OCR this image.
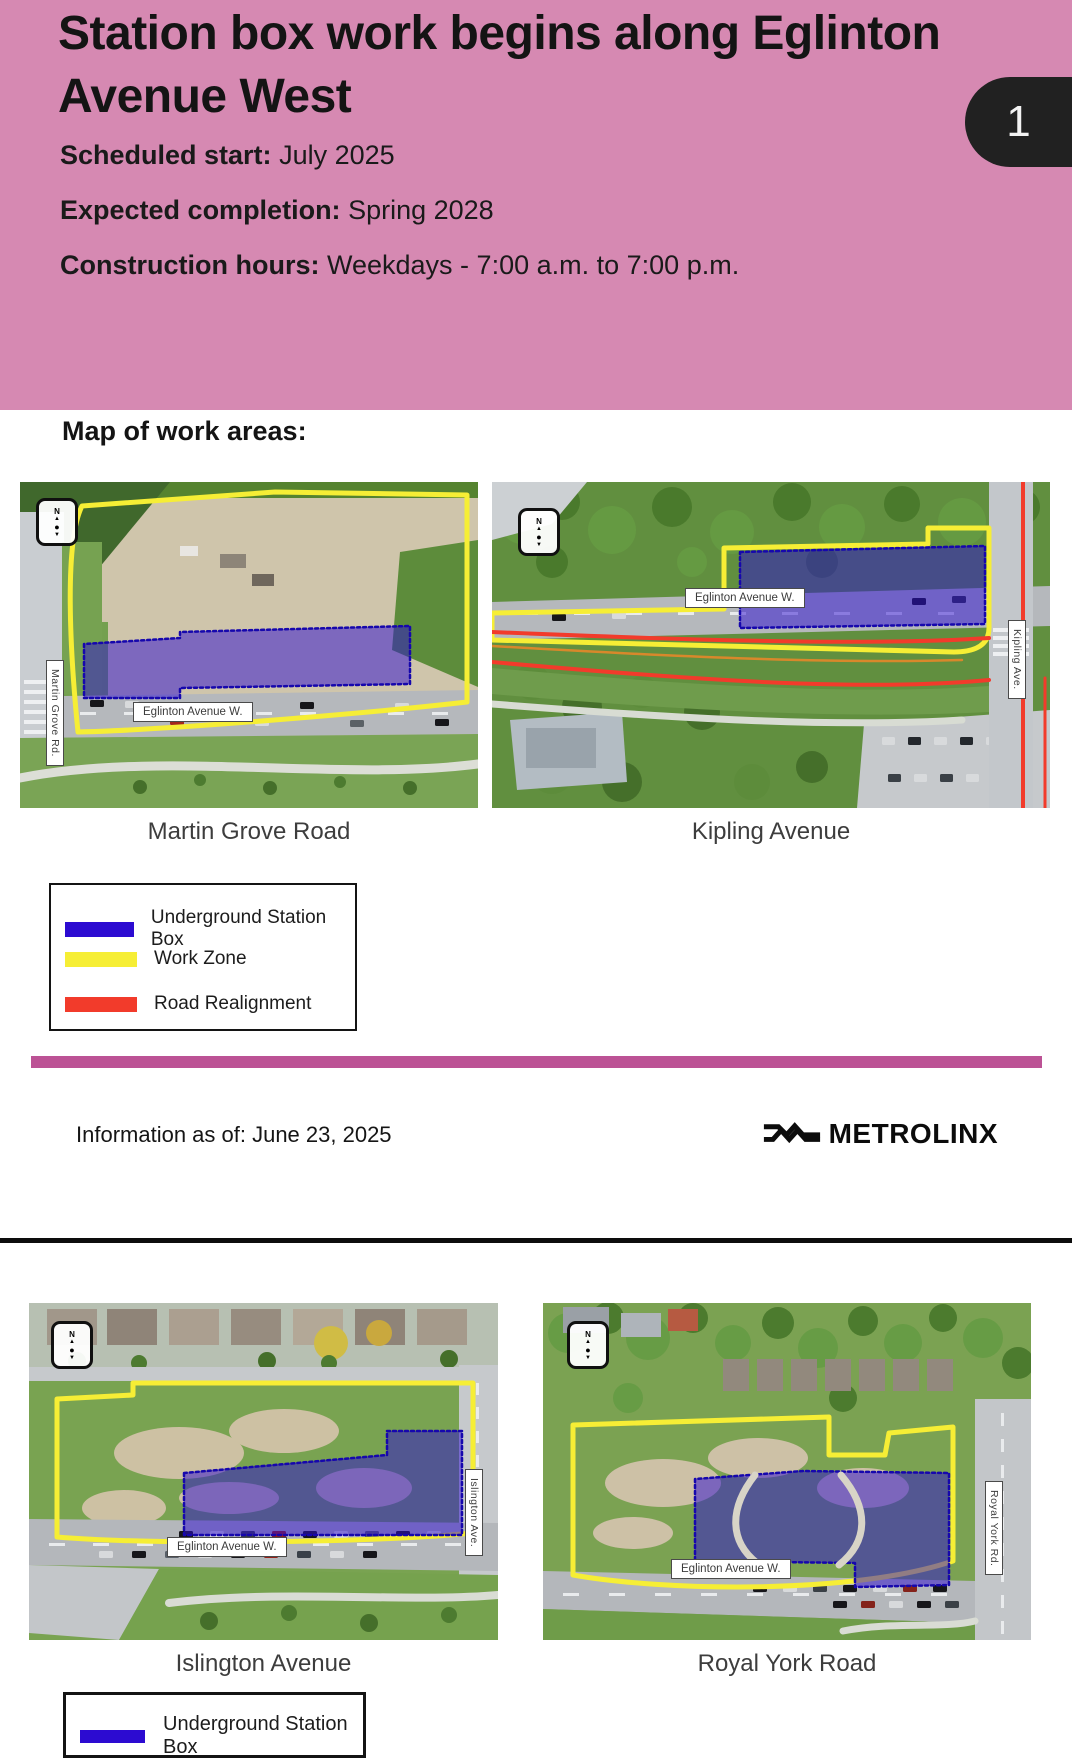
Station box work begins along Eglinton
Avenue West	1

Scheduled start: July 2025

Expected completion: Spring 2028

Construction hours: Weekdays - 7:00 a.m. to 7:00 p.m.

Map of work areas:
N
▲
●
▼
Eglinton Avenue W.
Martin Grove Rd.
N
▲
●
▼
Eglinton Avenue W.
Kipling Ave.
Martin Grove Road	Kipling Avenue
Underground Station Box
Work Zone
Road Realignment
Information as of: June 23, 2025	METROLINX
N
▲
●
▼
Eglinton Avenue W.	Islington Ave.
N
▲
●
▼
Eglinton Avenue W.
Royal York Rd.
Islington Avenue	Royal York Road
Underground Station Box
